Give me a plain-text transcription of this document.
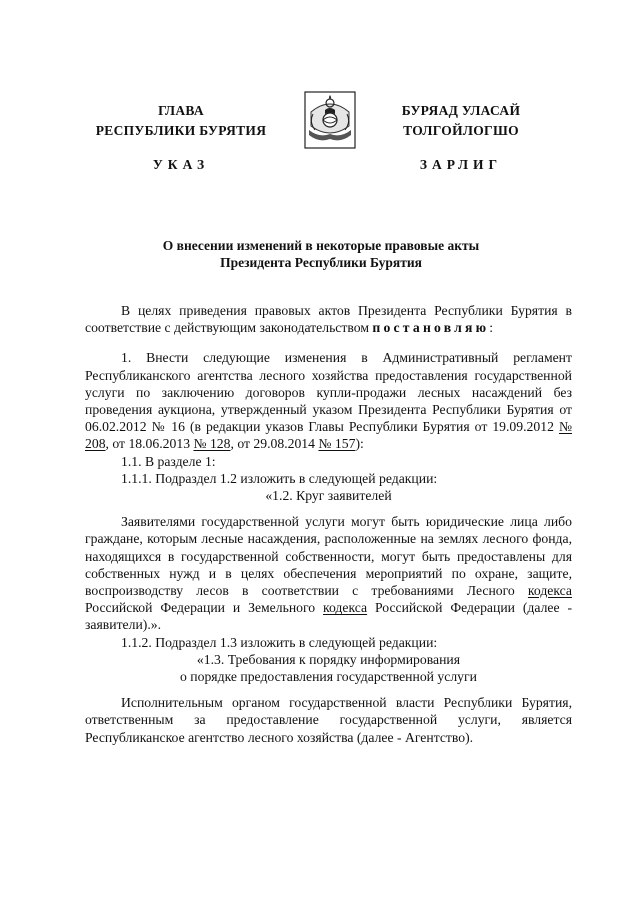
ГЛАВА
РЕСПУБЛИКИ БУРЯТИЯ
БУРЯАД УЛАСАЙ
ТОЛГОЙЛОГШО
УКАЗ	ЗАРЛИГ
О внесении изменений в некоторые правовые акты
Президента Республики Бурятия

В целях приведения правовых актов Президента Республики Бурятия в соответствие с действующим законодательством постановляю:

1. Внести следующие изменения в Административный регламент Республиканского агентства лесного хозяйства предоставления государственной услуги по заключению договоров купли-продажи лесных насаждений без проведения аукциона, утвержденный указом Президента Республики Бурятия от 06.02.2012 № 16 (в редакции указов Главы Республики Бурятия от 19.09.2012 № 208, от 18.06.2013 № 128, от 29.08.2014 № 157):

1.1. В разделе 1:

1.1.1. Подраздел 1.2 изложить в следующей редакции:

«1.2. Круг заявителей

Заявителями государственной услуги могут быть юридические лица либо граждане, которым лесные насаждения, расположенные на землях лесного фонда, находящихся в государственной собственности, могут быть предоставлены для собственных нужд и в целях обеспечения мероприятий по охране, защите, воспроизводству лесов в соответствии с требованиями Лесного кодекса Российской Федерации и Земельного кодекса Российской Федерации (далее - заявители).».

1.1.2. Подраздел 1.3 изложить в следующей редакции:

«1.3. Требования к порядку информирования

о порядке предоставления государственной услуги

Исполнительным органом государственной власти Республики Бурятия, ответственным за предоставление государственной услуги, является Республиканское агентство лесного хозяйства (далее - Агентство).
